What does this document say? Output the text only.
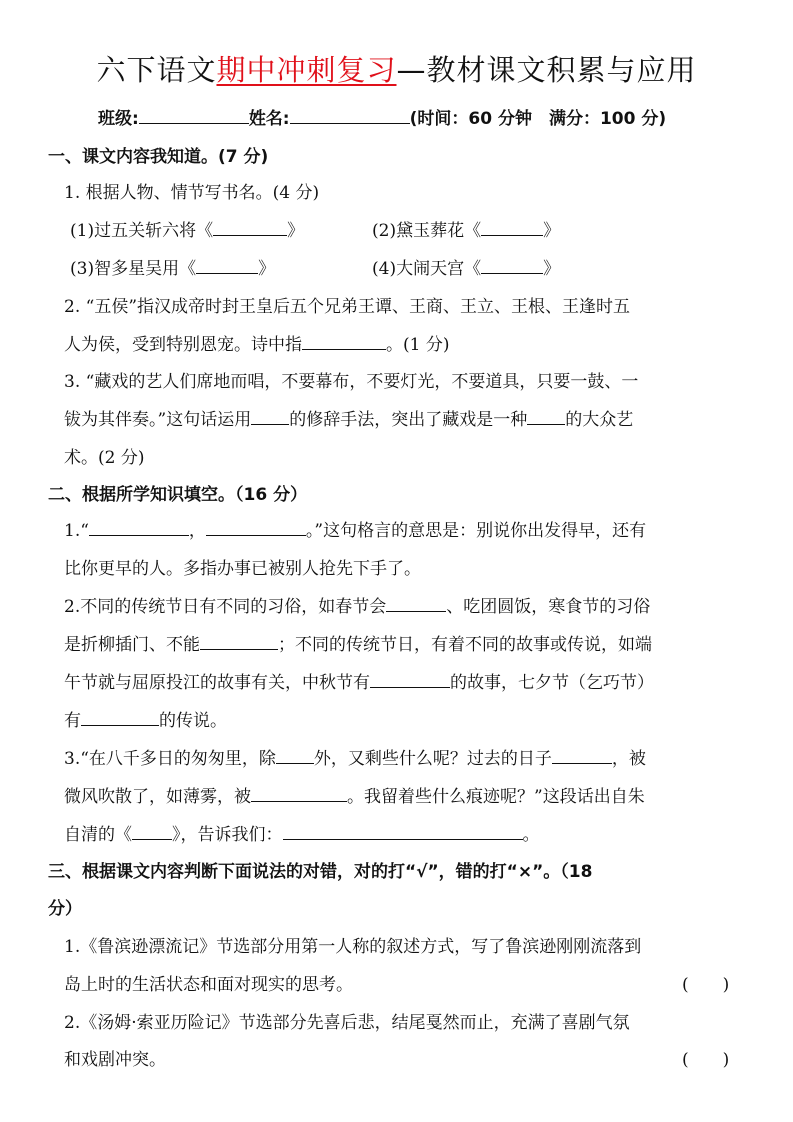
六下语文期中冲刺复习—教材课文积累与应用
班级:	姓名:	(时间：60 分钟　满分：100 分)
一、课文内容我知道。(7 分)
1. 根据人物、情节写书名。(4 分)
(1)过五关斩六将《	》	(2)黛玉葬花《	》
(3)智多星吴用《	》	(4)大闹天宫《	》
2. “五侯”指汉成帝时封王皇后五个兄弟王谭、王商、王立、王根、王逢时五
人为侯，受到特别恩宠。诗中指	。(1 分)
3. “藏戏的艺人们席地而唱，不要幕布，不要灯光，不要道具，只要一鼓、一
钹为其伴奏。”这句话运用 的修辞手法，突出了藏戏是一种 的大众艺
术。(2 分)
二、根据所学知识填空。（16 分）
1.“	，	。”这句格言的意思是：别说你出发得早，还有
比你更早的人。多指办事已被别人抢先下手了。
2.不同的传统节日有不同的习俗，如春节会	、吃团圆饭，寒食节的习俗
是折柳插门、不能	；不同的传统节日，有着不同的故事或传说，如端
午节就与屈原投江的故事有关，中秋节有	的故事，七夕节（乞巧节）
有	的传说。
3.“在八千多日的匆匆里，除 外，又剩些什么呢？过去的日子	，被
微风吹散了，如薄雾，被	。我留着些什么痕迹呢？”这段话出自朱
自清的《 》，告诉我们：	。
三、根据课文内容判断下面说法的对错，对的打“√”，错的打“×”。（18
分）
1.《鲁滨逊漂流记》节选部分用第一人称的叙述方式，写了鲁滨逊刚刚流落到
岛上时的生活状态和面对现实的思考。	(　　)
2.《汤姆·索亚历险记》节选部分先喜后悲，结尾戛然而止，充满了喜剧气氛
和戏剧冲突。	(　　)
